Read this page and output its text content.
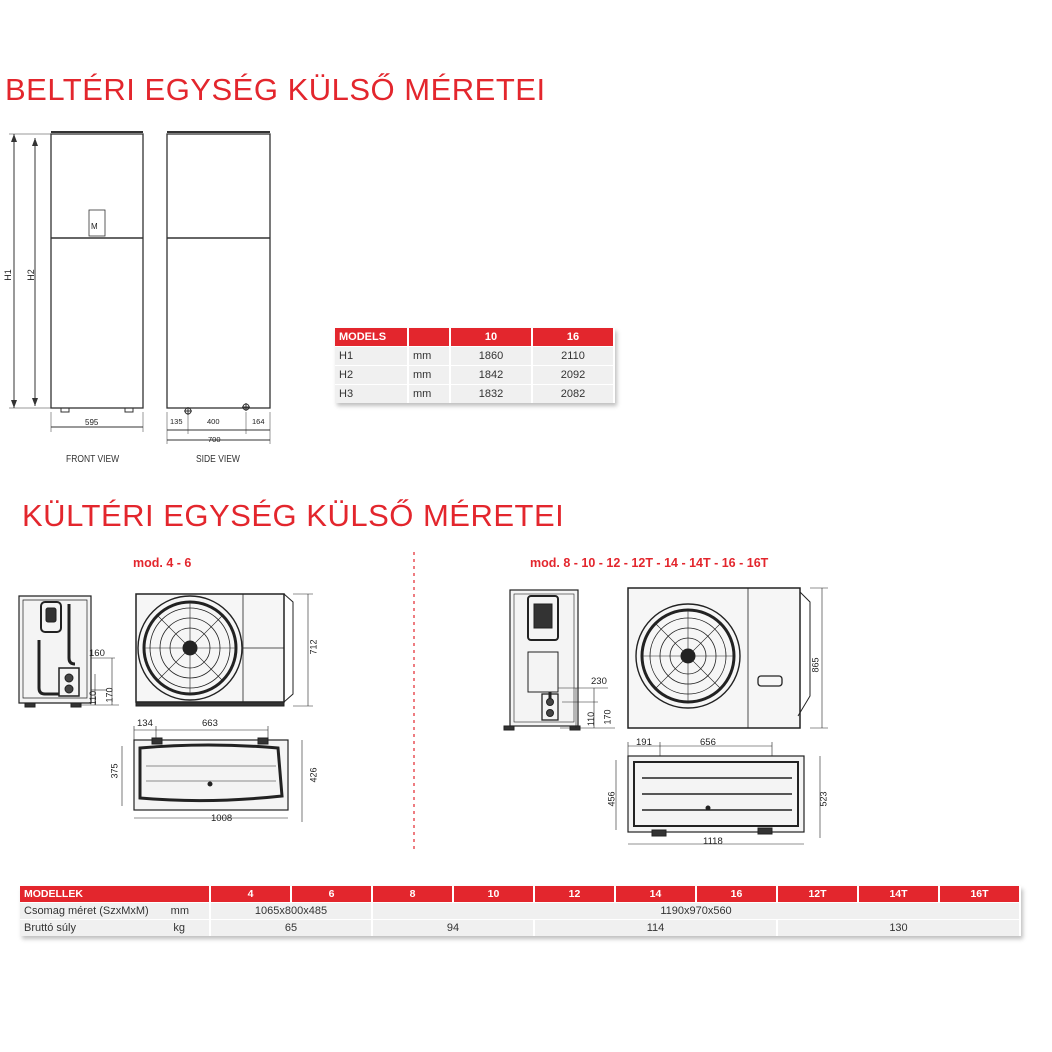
BELTÉRI EGYSÉG KÜLSŐ MÉRETEI
M
H1 H2
595
FRONT VIEW
135	400	164
700
SIDE VIEW
MODELS		10	16
H1	mm	1860	2110
H2	mm	1842	2092
H3	mm	1832	2082
KÜLTÉRI EGYSÉG KÜLSŐ MÉRETEI
mod. 4 - 6	mod. 8 - 10 - 12 - 12T - 14 - 14T - 16 - 16T
160
110 170
712
134	663
375	426
1008
230
110 170
865
191	656
456	523
1118
MODELLEK	4	6	8	10	12	14	16	12T	14T	16T
Csomag méret (SzxMxM) mm	1065x800x485		1190x970x560							
Bruttó súly kg	65		94		114			130		
